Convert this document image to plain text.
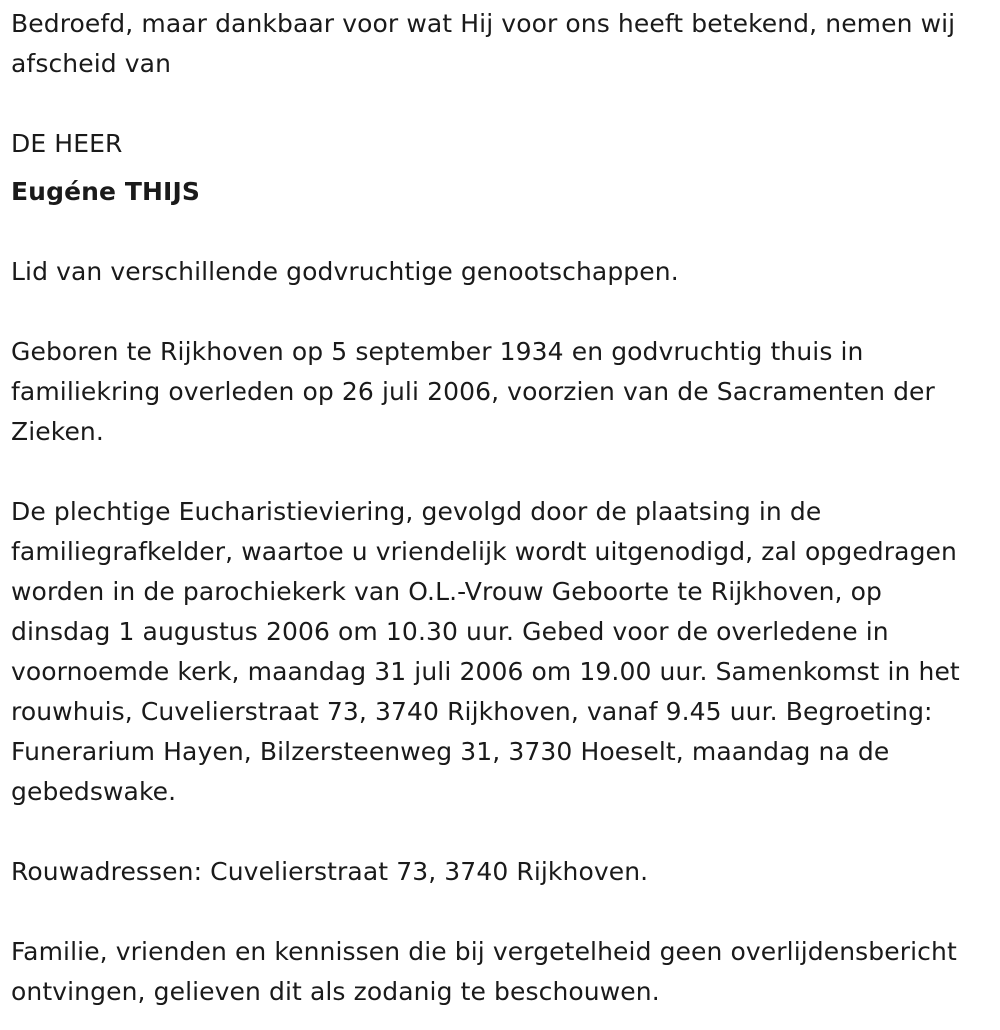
Bedroefd, maar dankbaar voor wat Hij voor ons heeft betekend, nemen wij afscheid van

DE HEER

Eugéne THIJS

Lid van verschillende godvruchtige genootschappen.

Geboren te Rijkhoven op 5 september 1934 en godvruchtig thuis in familiekring overleden op 26 juli 2006, voorzien van de Sacramenten der Zieken.

De plechtige Eucharistieviering, gevolgd door de plaatsing in de familiegrafkelder, waartoe u vriendelijk wordt uitgenodigd, zal opgedragen worden in de parochiekerk van O.L.-Vrouw Geboorte te Rijkhoven, op dinsdag 1 augustus 2006 om 10.30 uur. Gebed voor de overledene in voornoemde kerk, maandag 31 juli 2006 om 19.00 uur. Samenkomst in het rouwhuis, Cuvelierstraat 73, 3740 Rijkhoven, vanaf 9.45 uur. Begroeting: Funerarium Hayen, Bilzersteenweg 31, 3730 Hoeselt, maandag na de gebedswake.

Rouwadressen: Cuvelierstraat 73, 3740 Rijkhoven.

Familie, vrienden en kennissen die bij vergetelheid geen overlijdensbericht ontvingen, gelieven dit als zodanig te beschouwen.
